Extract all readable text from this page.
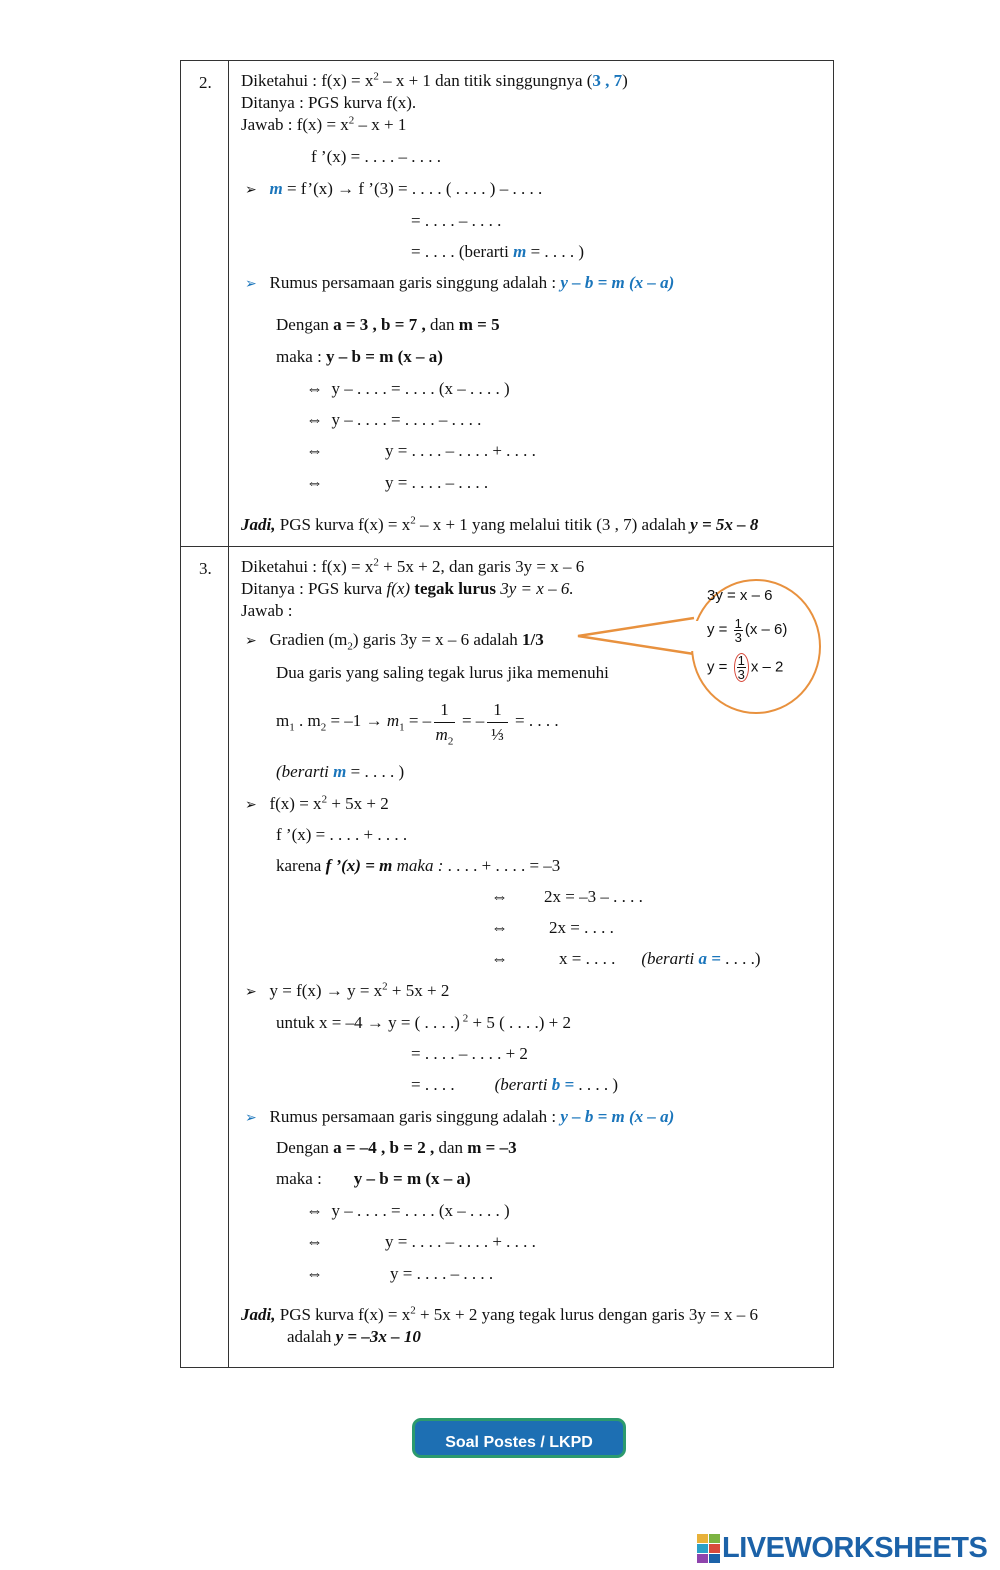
2. Diketahui : $f(x) = x^2 - x + 1$ dan titik singgungnya (3 , 7)
Ditanya : PGS kurva f(x).
Jawab : $f(x) = x^2 - x + 1$
f ’(x) = . . . . – . . . .
➢ m = f’(x) → f ’(3) = . . . . ( . . . . ) – . . . .
= . . . . – . . . .
= . . . . (berarti m = . . . . )
➢ Rumus persamaan garis singgung adalah : y – b = m (x – a)
Dengan a = 3 , b = 7 , dan m = 5
maka : y – b = m (x – a)
⇔ y – . . . . = . . . . (x – . . . . )
⇔ y – . . . . = . . . . – . . . .
⇔	y = . . . . – . . . . + . . . .
⇔	y = . . . . – . . . .
Jadi, PGS kurva $f(x) = x^2 - x + 1$ yang melalui titik (3 , 7) adalah y = 5x – 8
3. Diketahui : $f(x) = x^2 + 5x + 2$, dan garis 3y = x – 6
Ditanya : PGS kurva f(x) tegak lurus 3y = x – 6.
Jawab :
➢ Gradien $(m_2)$ garis 3y = x – 6 adalah 1/3
Dua garis yang saling tegak lurus jika memenuhi
$m_1$ . $m_2 = -1 \to m_1$ = – $\frac{1}{m_2}$ = –
1
⅓
= . . . .
(berarti m = . . . . )
➢ $f(x) = x^2 + 5x + 2$
f ’(x) = . . . . + . . . .
karena f ’(x) = m maka : . . . . + . . . . = –3
⇔ 2x = –3 – . . . .
⇔ 2x = . . . .
⇔	x = . . . . (berarti a = . . . .)
➢ $y = f(x) \to y = x^2 + 5x + 2$
untuk x = –4 → y = ( . . . .) $^2$ + 5 ( . . . .) + 2
= . . . . – . . . . + 2
= . . . . (berarti b = . . . . )
➢ Rumus persamaan garis singgung adalah : y – b = m (x – a)
Dengan a = –4 , b = 2 , dan m = –3
maka : y – b = m (x – a)
⇔ y – . . . . = . . . . (x – . . . . )
⇔	y = . . . . – . . . . + . . . .
⇔	y = . . . . – . . . .
Jadi, PGS kurva $f(x) = x^2 + 5x + 2$ yang tegak lurus dengan garis 3y = x – 6
adalah y = –3x – 10
3y = x – 6
$y = \frac{1}{3} (x - 6)$
$y = \frac{1}{3}$ x – 2
Soal Postes / LKPD
LIVEWORKSHEETS
